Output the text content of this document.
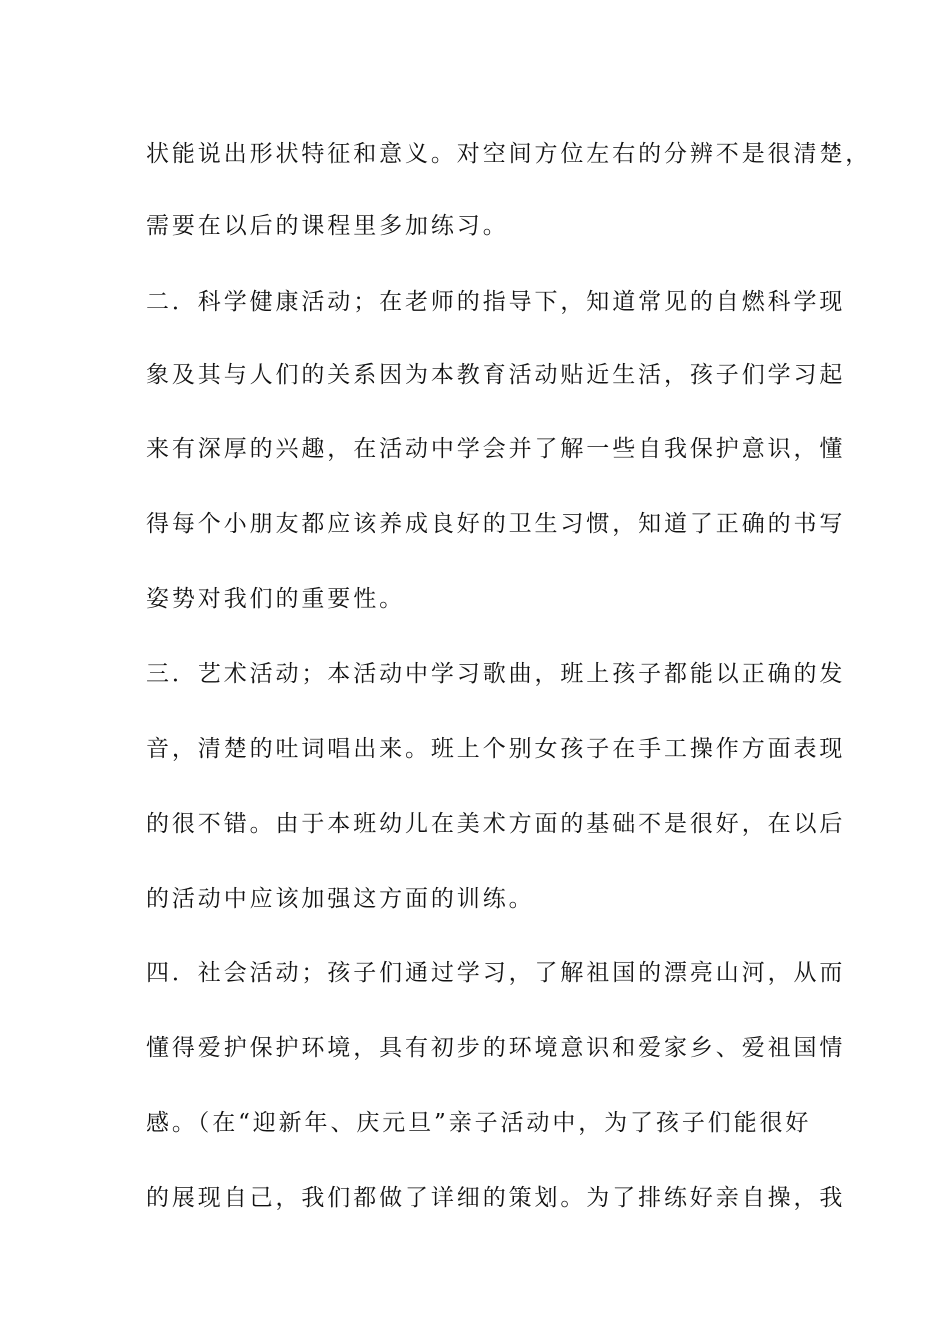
状能说出形状特征和意义。对空间方位左右的分辨不是很清楚，
需要在以后的课程里多加练习。
二．科学健康活动；在老师的指导下，知道常见的自燃科学现
象及其与人们的关系因为本教育活动贴近生活，孩子们学习起
来有深厚的兴趣，在活动中学会并了解一些自我保护意识，懂
得每个小朋友都应该养成良好的卫生习惯，知道了正确的书写
姿势对我们的重要性。
三．艺术活动；本活动中学习歌曲，班上孩子都能以正确的发
音，清楚的吐词唱出来。班上个别女孩子在手工操作方面表现
的很不错。由于本班幼儿在美术方面的基础不是很好，在以后
的活动中应该加强这方面的训练。
四．社会活动；孩子们通过学习，了解祖国的漂亮山河，从而
懂得爱护保护环境，具有初步的环境意识和爱家乡、爱祖国情
感。（在“迎新年、庆元旦”亲子活动中，为了孩子们能很好
的展现自己，我们都做了详细的策划。为了排练好亲自操，我
